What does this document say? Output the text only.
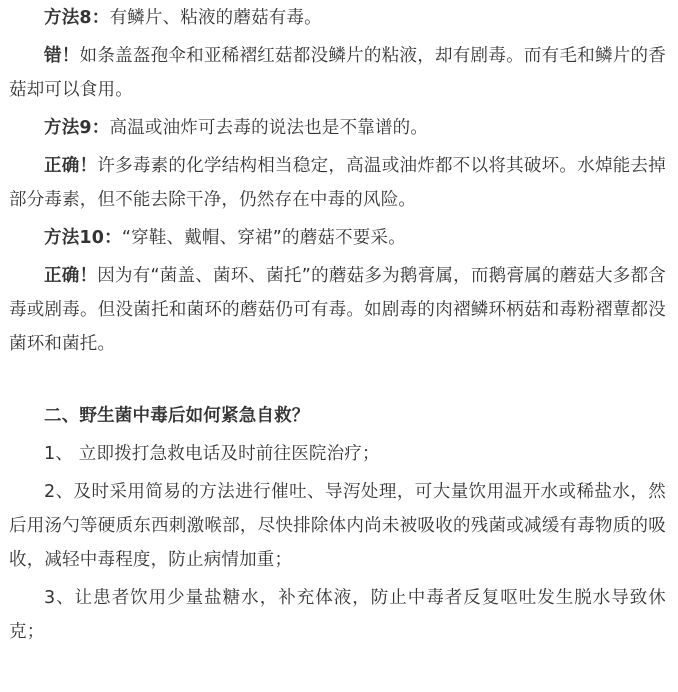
方法8：有鳞片、粘液的蘑菇有毒。

错！如条盖盔孢伞和亚稀褶红菇都没鳞片的粘液，却有剧毒。而有毛和鳞片的香菇却可以食用。

方法9：高温或油炸可去毒的说法也是不靠谱的。

正确！许多毒素的化学结构相当稳定，高温或油炸都不以将其破坏。水焯能去掉部分毒素，但不能去除干净，仍然存在中毒的风险。

方法10：“穿鞋、戴帽、穿裙”的蘑菇不要采。

正确！因为有“菌盖、菌环、菌托”的蘑菇多为鹅膏属，而鹅膏属的蘑菇大多都含毒或剧毒。但没菌托和菌环的蘑菇仍可有毒。如剧毒的肉褶鳞环柄菇和毒粉褶蕈都没菌环和菌托。

二、野生菌中毒后如何紧急自救？

1、 立即拨打急救电话及时前往医院治疗；

2、及时采用简易的方法进行催吐、导泻处理，可大量饮用温开水或稀盐水，然后用汤勺等硬质东西刺激喉部，尽快排除体内尚未被吸收的残菌或减缓有毒物质的吸收，减轻中毒程度，防止病情加重；

3、让患者饮用少量盐糖水，补充体液，防止中毒者反复呕吐发生脱水导致休克；
